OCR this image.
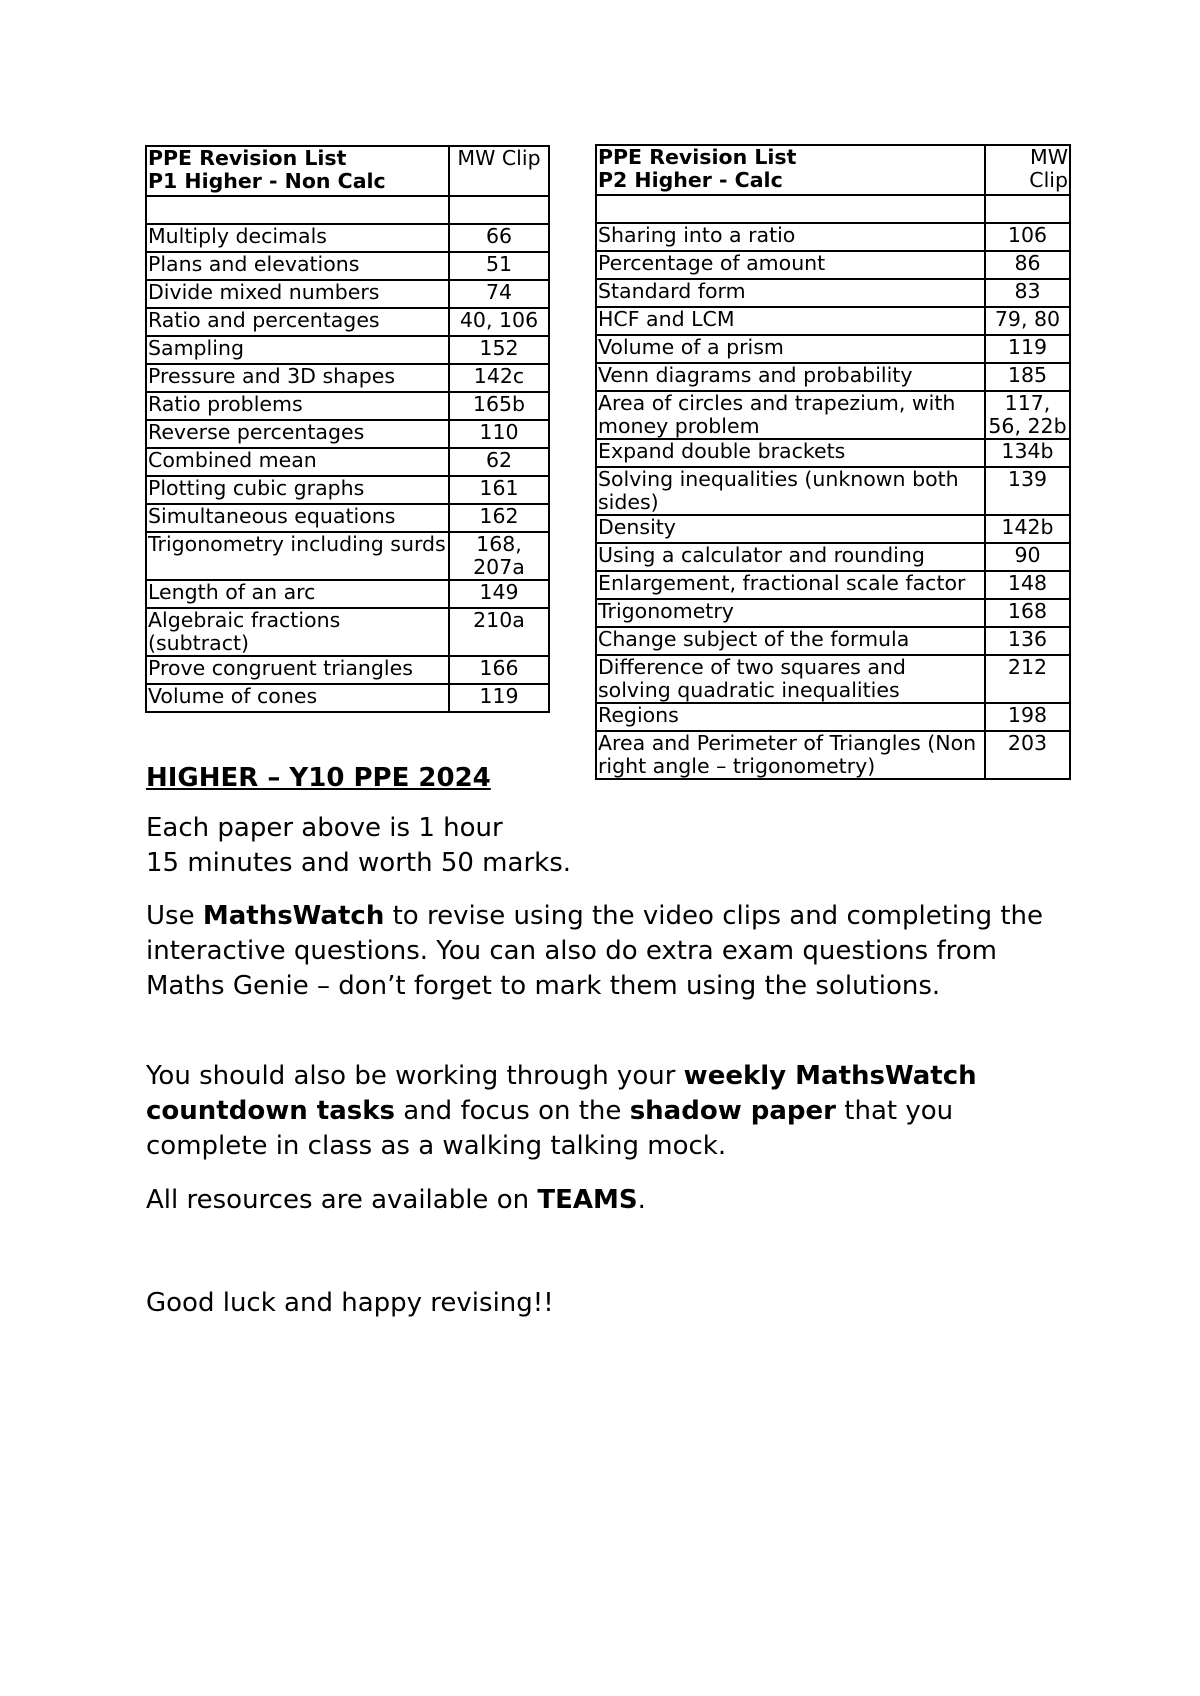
PPE Revision List
P1 Higher - Non Calc	MW Clip

Multiply decimals	66
Plans and elevations	51
Divide mixed numbers	74
Ratio and percentages	40, 106
Sampling	152
Pressure and 3D shapes	142c
Ratio problems	165b
Reverse percentages	110
Combined mean	62
Plotting cubic graphs	161
Simultaneous equations	162
Trigonometry including surds	168, 207a
Length of an arc	149
Algebraic fractions (subtract)	210a
Prove congruent triangles	166
Volume of cones	119
PPE Revision List
P2 Higher - Calc	MW Clip

Sharing into a ratio	106
Percentage of amount	86
Standard form	83
HCF and LCM	79, 80
Volume of a prism	119
Venn diagrams and probability	185
Area of circles and trapezium, with money problem	117, 56, 22b
Expand double brackets	134b
Solving inequalities (unknown both sides)	139
Density	142b
Using a calculator and rounding	90
Enlargement, fractional scale factor	148
Trigonometry	168
Change subject of the formula	136
Difference of two squares and solving quadratic inequalities	212
Regions	198
Area and Perimeter of Triangles (Non right angle – trigonometry)	203
HIGHER – Y10 PPE 2024

Each paper above is 1 hour

15 minutes and worth 50 marks.

Use MathsWatch to revise using the video clips and completing the interactive questions. You can also do extra exam questions from Maths Genie – don’t forget to mark them using the solutions.

You should also be working through your weekly MathsWatch countdown tasks and focus on the shadow paper that you complete in class as a walking talking mock.

All resources are available on TEAMS.

Good luck and happy revising!!
